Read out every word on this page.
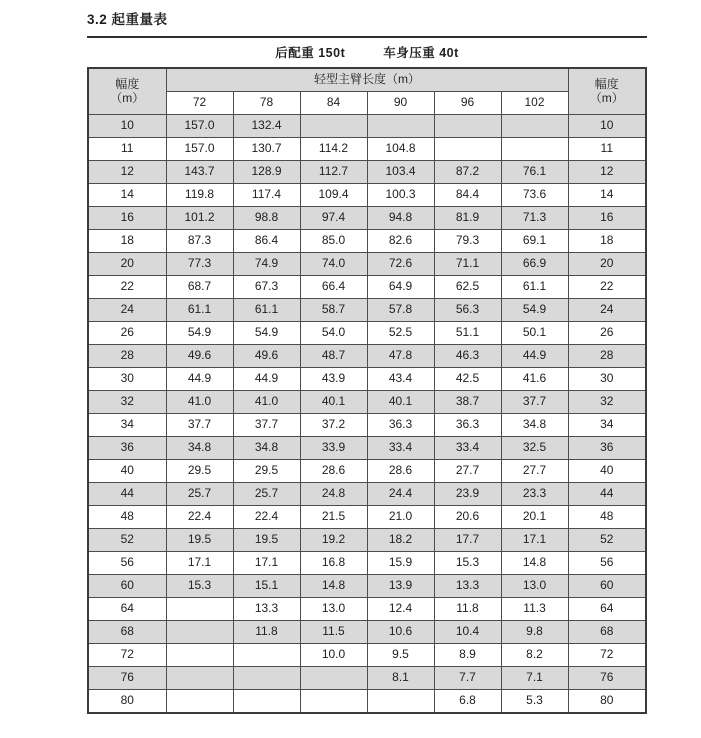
3.2 起重量表
后配重 150t	车身压重 40t
幅度
（m）	轻型主臂长度（m）						幅度
（m）

	72	78	84	90	96	102	
10	157.0	132.4					10
11	157.0	130.7	114.2	104.8			11
12	143.7	128.9	112.7	103.4	87.2	76.1	12
14	119.8	117.4	109.4	100.3	84.4	73.6	14
16	101.2	98.8	97.4	94.8	81.9	71.3	16
18	87.3	86.4	85.0	82.6	79.3	69.1	18
20	77.3	74.9	74.0	72.6	71.1	66.9	20
22	68.7	67.3	66.4	64.9	62.5	61.1	22
24	61.1	61.1	58.7	57.8	56.3	54.9	24
26	54.9	54.9	54.0	52.5	51.1	50.1	26
28	49.6	49.6	48.7	47.8	46.3	44.9	28
30	44.9	44.9	43.9	43.4	42.5	41.6	30
32	41.0	41.0	40.1	40.1	38.7	37.7	32
34	37.7	37.7	37.2	36.3	36.3	34.8	34
36	34.8	34.8	33.9	33.4	33.4	32.5	36
40	29.5	29.5	28.6	28.6	27.7	27.7	40
44	25.7	25.7	24.8	24.4	23.9	23.3	44
48	22.4	22.4	21.5	21.0	20.6	20.1	48
52	19.5	19.5	19.2	18.2	17.7	17.1	52
56	17.1	17.1	16.8	15.9	15.3	14.8	56
60	15.3	15.1	14.8	13.9	13.3	13.0	60
64		13.3	13.0	12.4	11.8	11.3	64
68		11.8	11.5	10.6	10.4	9.8	68
72			10.0	9.5	8.9	8.2	72
76				8.1	7.7	7.1	76
80					6.8	5.3	80
